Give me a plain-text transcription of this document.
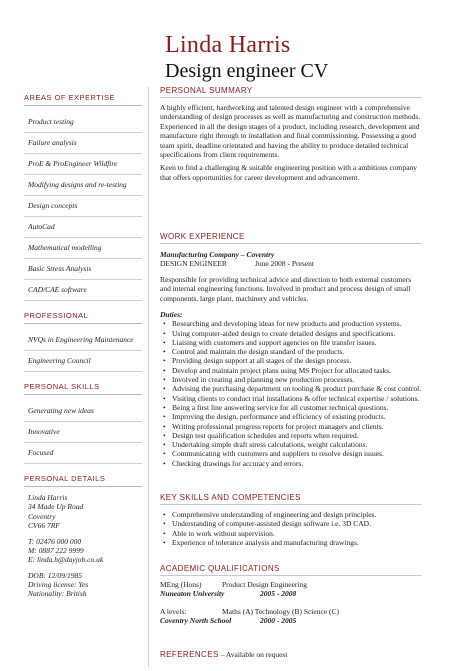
Linda Harris
Design engineer CV
AREAS OF EXPERTISE
Product testing
Failure analysis
ProE & ProEngineer Wildfire
Modifying designs and re-testing
Design concepts
AutoCad
Mathematical modelling
Basic Stress Analysis
CAD/CAE software
PROFESSIONAL
NVQs in Engineering Maintenance
Engineering Council
PERSONAL SKILLS
Generating new ideas
Innovative
Focused
PERSONAL DETAILS
Linda Harris
34 Made Up Road
Coventry
CV66 7RF
T: 02476 000 000
M: 0887 222 9999
E: linda.h@dayjob.co.uk
DOB: 12/09/1985
Driving license: Yes
Nationality: British
PERSONAL SUMMARY

A highly efficient, hardworking and talented design engineer with a comprehensive understanding of design processes as well as manufacturing and construction methods. Experienced in all the design stages of a product, including research, development and manufacture right through to installation and final commissioning. Possessing a good team spirit, deadline orientated and having the ability to produce detailed technical specifications from client requirements.

Keen to find a challenging & suitable engineering position with a ambitious company that offers opportunities for career development and advancement.

WORK EXPERIENCE
Manufacturing Company – Coventry
DESIGN ENGINEER	June 2008 - Present

Responsible for providing technical advice and direction to both external customers and internal engineering functions. Involved in product and process design of small components, large plant, machinery and vehicles.

Duties:
• Researching and developing ideas for new products and production systems.
• Using computer-aided design to create detailed designs and specifications.
• Liaising with customers and support agencies on file transfer issues.
• Control and maintain the design standard of the products.
• Providing design support at all stages of the design process.
• Develop and maintain project plans using MS Project for allocated tasks.
• Involved in creating and planning new production processes.
• Advising the purchasing department on tooling & product purchase & cost control.
• Visiting clients to conduct trial installations & offer technical expertise / solutions.
• Being a first line answering service for all customer technical questions.
• Improving the design, performance and efficiency of existing products.
• Writing professional progress reports for project managers and clients.
• Design test qualification schedules and reports when required.
• Undertaking simple draft stress calculations, weight calculations.
• Communicating with customers and suppliers to resolve design issues.
• Checking drawings for accuracy and errors.
KEY SKILLS AND COMPETENCIES
• Comprehensive understanding of engineering and design principles.
• Understanding of computer-assisted design software i.e. 3D CAD.
• Able to work without supervision.
• Experience of tolerance analysis and manufacturing drawings.
ACADEMIC QUALIFICATIONS
MEng (Hons)	Product Design Engineering
Nuneaton University	2005 - 2008
A levels:	Maths (A) Technology (B) Science (C)
Coventry North School	2000 - 2005
REFERENCES – Available on request
